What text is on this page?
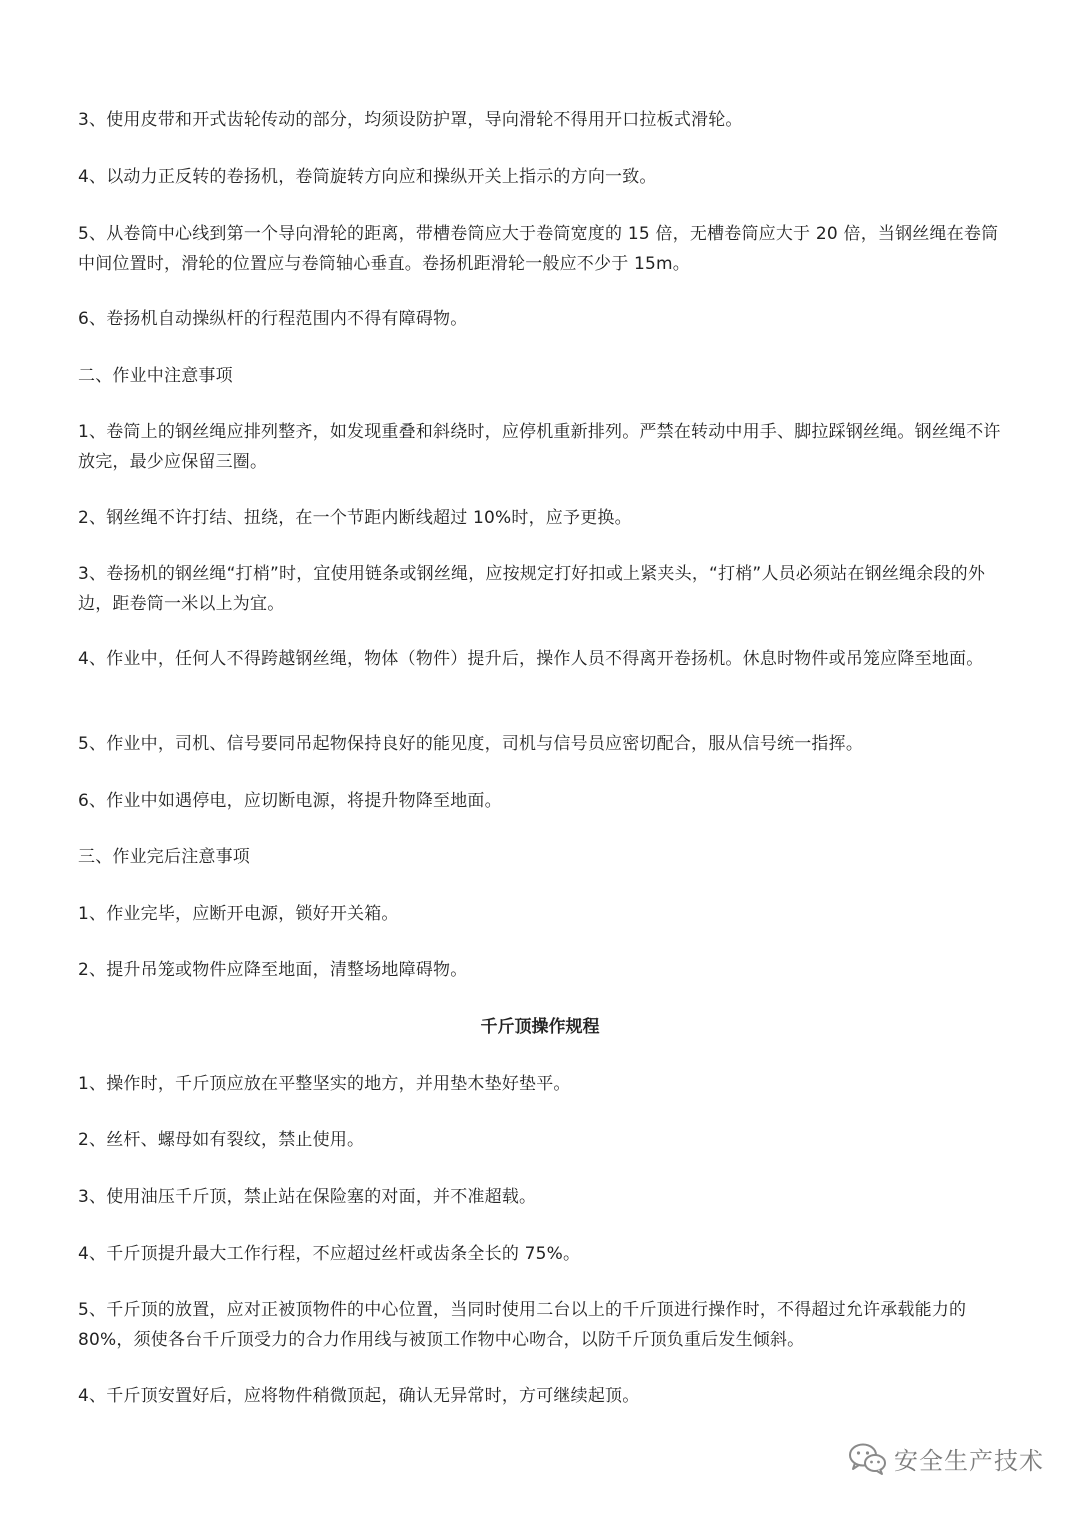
3、使用皮带和开式齿轮传动的部分，均须设防护罩，导向滑轮不得用开口拉板式滑轮。
4、以动力正反转的卷扬机，卷筒旋转方向应和操纵开关上指示的方向一致。
5、从卷筒中心线到第一个导向滑轮的距离，带槽卷筒应大于卷筒宽度的 15 倍，无槽卷筒应大于 20 倍，当钢丝绳在卷筒中间位置时，滑轮的位置应与卷筒轴心垂直。卷扬机距滑轮一般应不少于 15m。
6、卷扬机自动操纵杆的行程范围内不得有障碍物。
二、作业中注意事项
1、卷筒上的钢丝绳应排列整齐，如发现重叠和斜绕时，应停机重新排列。严禁在转动中用手、脚拉踩钢丝绳。钢丝绳不许放完，最少应保留三圈。
2、钢丝绳不许打结、扭绕，在一个节距内断线超过 10%时，应予更换。
3、卷扬机的钢丝绳“打梢”时，宜使用链条或钢丝绳，应按规定打好扣或上紧夹头，“打梢”人员必须站在钢丝绳余段的外边，距卷筒一米以上为宜。
4、作业中，任何人不得跨越钢丝绳，物体（物件）提升后，操作人员不得离开卷扬机。休息时物件或吊笼应降至地面。
5、作业中，司机、信号要同吊起物保持良好的能见度，司机与信号员应密切配合，服从信号统一指挥。
6、作业中如遇停电，应切断电源，将提升物降至地面。
三、作业完后注意事项
1、作业完毕，应断开电源，锁好开关箱。
2、提升吊笼或物件应降至地面，清整场地障碍物。
千斤顶操作规程
1、操作时，千斤顶应放在平整坚实的地方，并用垫木垫好垫平。
2、丝杆、螺母如有裂纹，禁止使用。
3、使用油压千斤顶，禁止站在保险塞的对面，并不准超载。
4、千斤顶提升最大工作行程，不应超过丝杆或齿条全长的 75%。
5、千斤顶的放置，应对正被顶物件的中心位置，当同时使用二台以上的千斤顶进行操作时，不得超过允许承载能力的 80%，须使各台千斤顶受力的合力作用线与被顶工作物中心吻合，以防千斤顶负重后发生倾斜。
4、千斤顶安置好后，应将物件稍微顶起，确认无异常时，方可继续起顶。
安全生产技术
